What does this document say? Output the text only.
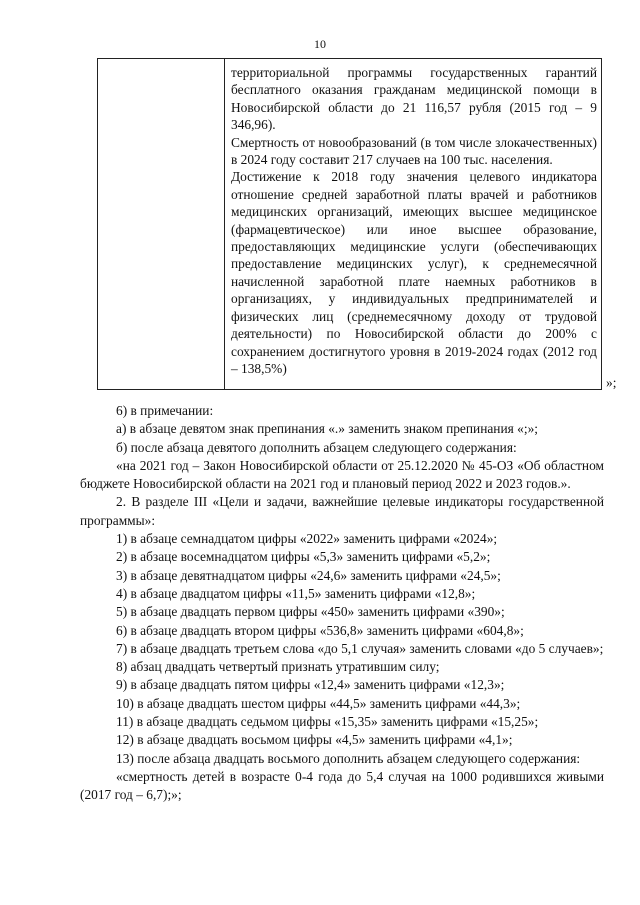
10

территориальной программы государственных гарантий бесплатного оказания гражданам медицинской помощи в Новосибирской области до 21 116,57 рубля (2015 год – 9 346,96).

Смертность от новообразований (в том числе злокачественных) в 2024 году составит 217 случаев на 100 тыс. населения.

Достижение к 2018 году значения целевого индикатора отношение средней заработной платы врачей и работников медицинских организаций, имеющих высшее медицинское (фармацевтическое) или иное высшее образование, предоставляющих медицинские услуги (обеспечивающих предоставление медицинских услуг), к среднемесячной начисленной заработной плате наемных работников в организациях, у индивидуальных предпринимателей и физических лиц (среднемесячному доходу от трудовой деятельности) по Новосибирской области до 200% с сохранением достигнутого уровня в 2019-2024 годах (2012 год – 138,5%)

»;

6) в примечании:

а) в абзаце девятом знак препинания «.» заменить знаком препинания «;»;

б) после абзаца девятого дополнить абзацем следующего содержания:

«на 2021 год – Закон Новосибирской области от 25.12.2020 № 45-ОЗ «Об областном бюджете Новосибирской области на 2021 год и плановый период 2022 и 2023 годов.».

2. В разделе III «Цели и задачи, важнейшие целевые индикаторы государственной программы»:

1) в абзаце семнадцатом цифры «2022» заменить цифрами «2024»;

2) в абзаце восемнадцатом цифры «5,3» заменить цифрами «5,2»;

3) в абзаце девятнадцатом цифры «24,6» заменить цифрами «24,5»;

4) в абзаце двадцатом цифры «11,5» заменить цифрами «12,8»;

5) в абзаце двадцать первом цифры «450» заменить цифрами «390»;

6) в абзаце двадцать втором цифры «536,8» заменить цифрами «604,8»;

7) в абзаце двадцать третьем слова «до 5,1 случая» заменить словами «до 5 случаев»;

8) абзац двадцать четвертый признать утратившим силу;

9) в абзаце двадцать пятом цифры «12,4» заменить цифрами «12,3»;

10) в абзаце двадцать шестом цифры «44,5» заменить цифрами «44,3»;

11) в абзаце двадцать седьмом цифры «15,35» заменить цифрами «15,25»;

12) в абзаце двадцать восьмом цифры «4,5» заменить цифрами «4,1»;

13) после абзаца двадцать восьмого дополнить абзацем следующего содержания:

«смертность детей в возрасте 0-4 года до 5,4 случая на 1000 родившихся живыми (2017 год – 6,7);»;
